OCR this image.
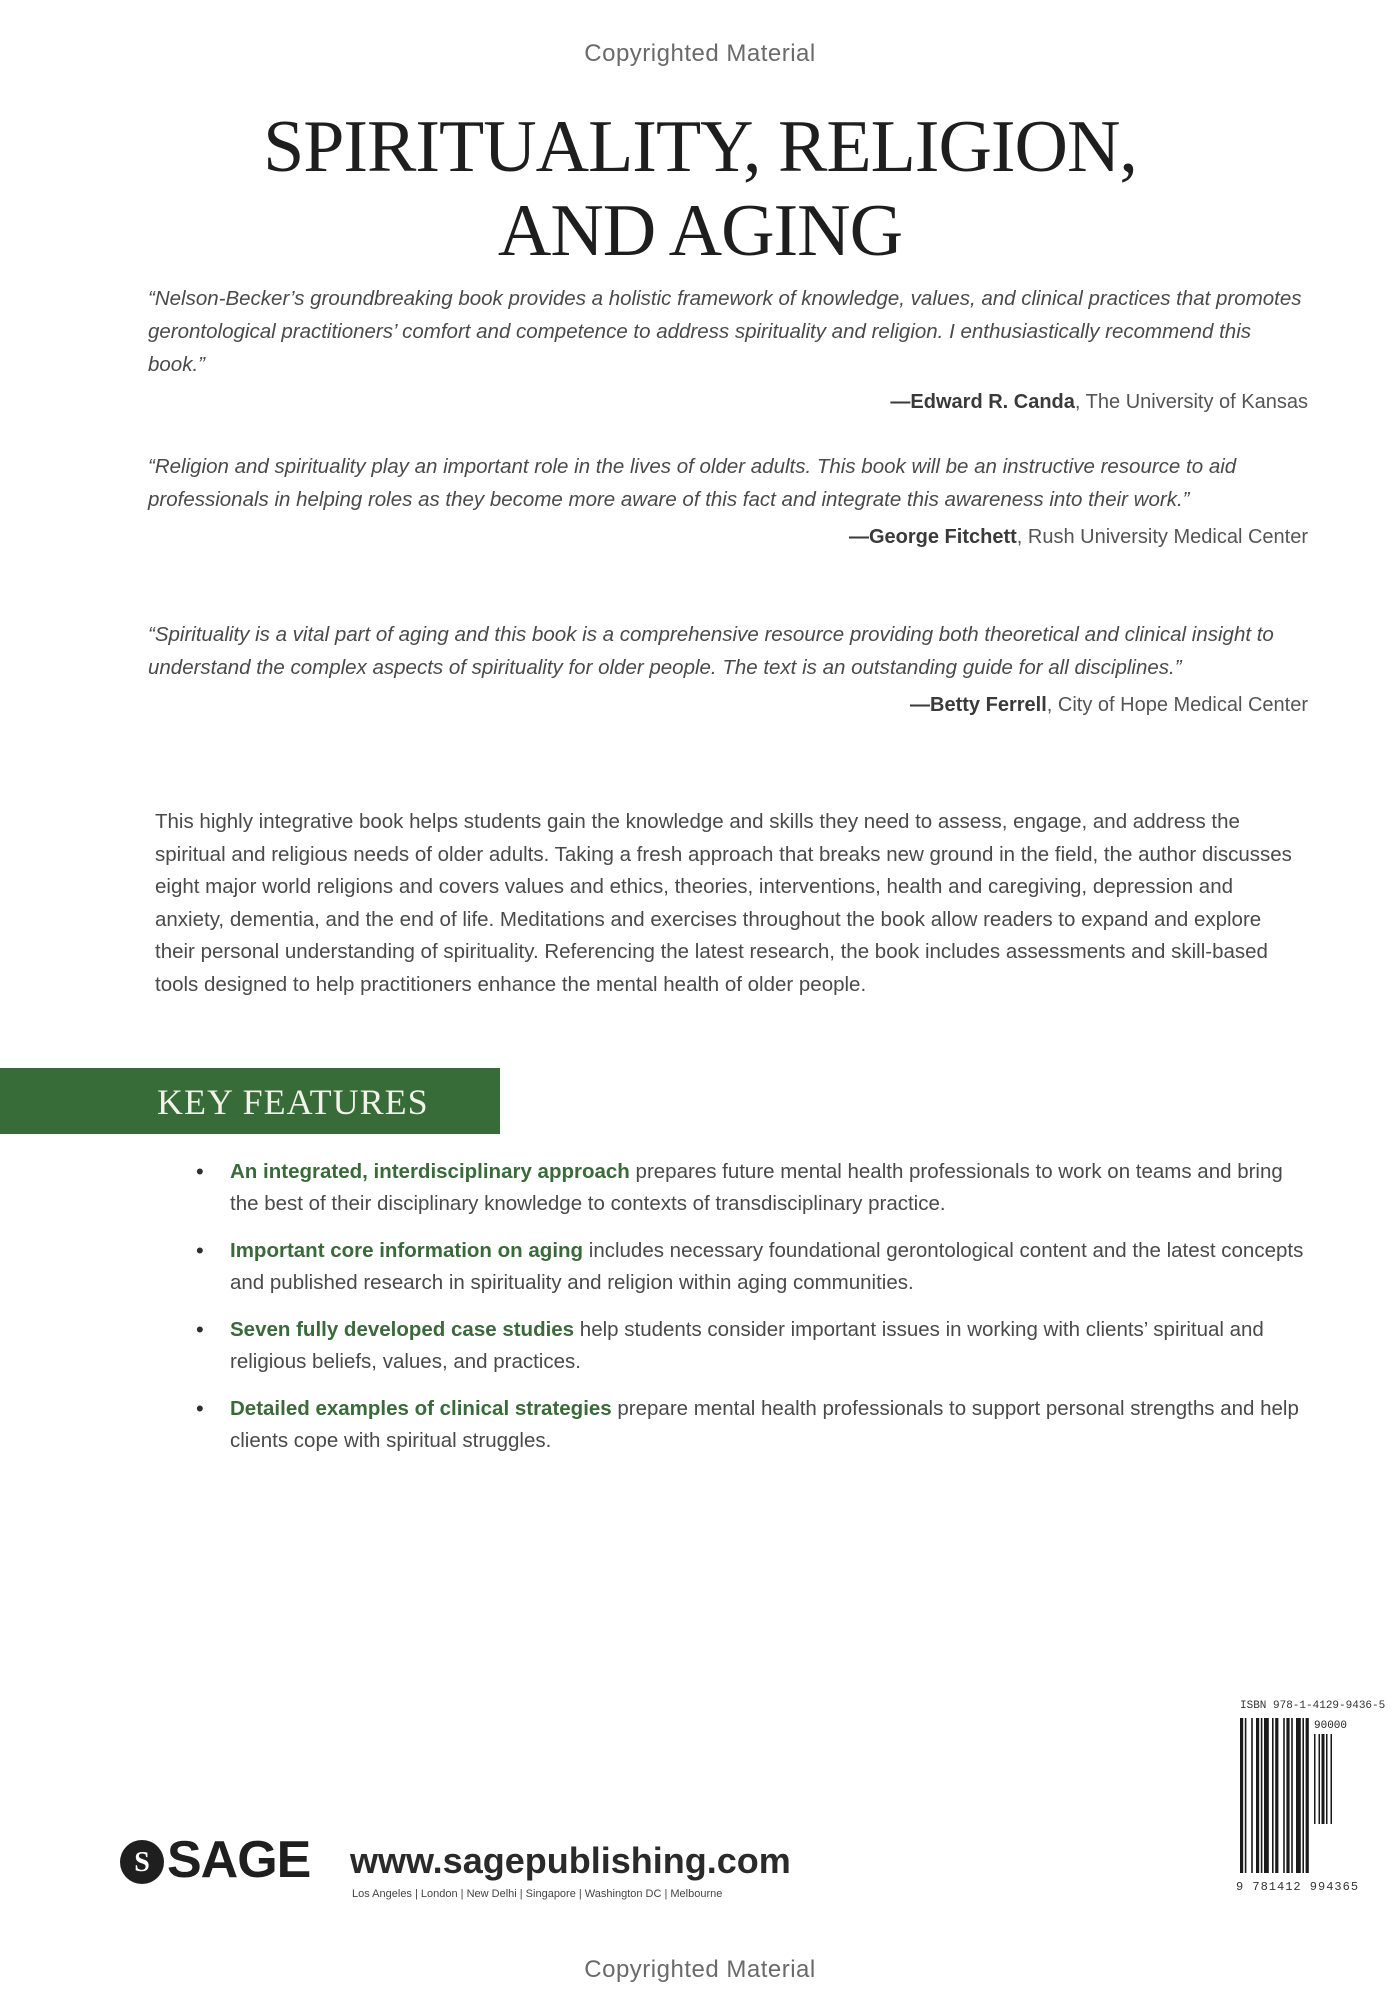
Copyrighted Material
SPIRITUALITY, RELIGION,
AND AGING

“Nelson-Becker’s groundbreaking book provides a holistic framework of knowledge, values, and clinical practices that promotes gerontological practitioners’ comfort and competence to address spirituality and religion. I enthusiastically recommend this book.”

—Edward R. Canda, The University of Kansas

“Religion and spirituality play an important role in the lives of older adults. This book will be an instructive resource to aid professionals in helping roles as they become more aware of this fact and integrate this awareness into their work.”

—George Fitchett, Rush University Medical Center

“Spirituality is a vital part of aging and this book is a comprehensive resource providing both theoretical and clinical insight to understand the complex aspects of spirituality for older people. The text is an outstanding guide for all disciplines.”

—Betty Ferrell, City of Hope Medical Center
This highly integrative book helps students gain the knowledge and skills they need to assess, engage, and address the spiritual and religious needs of older adults. Taking a fresh approach that breaks new ground in the field, the author discusses eight major world religions and covers values and ethics, theories, interventions, health and caregiving, depression and anxiety, dementia, and the end of life. Meditations and exercises throughout the book allow readers to expand and explore their personal understanding of spirituality. Referencing the latest research, the book includes assessments and skill-based tools designed to help practitioners enhance the mental health of older people.
KEY FEATURES
• An integrated, interdisciplinary approach prepares future mental health professionals to work on teams and bring the best of their disciplinary knowledge to contexts of transdisciplinary practice.
• Important core information on aging includes necessary foundational gerontological content and the latest concepts and published research in spirituality and religion within aging communities.
• Seven fully developed case studies help students consider important issues in working with clients’ spiritual and religious beliefs, values, and practices.
• Detailed examples of clinical strategies prepare mental health professionals to support personal strengths and help clients cope with spiritual struggles.
S SAGE www.sagepublishing.com
Los Angeles | London | New Delhi | Singapore | Washington DC | Melbourne
ISBN 978-1-4129-9436-5
90000
9 781412 994365
Copyrighted Material
